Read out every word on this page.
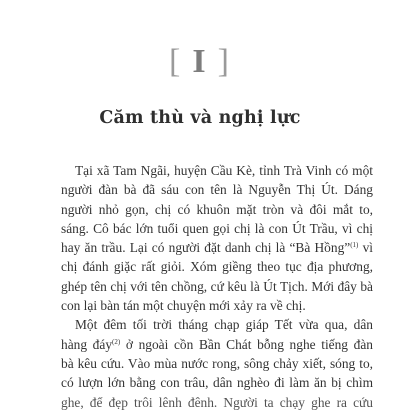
[ I ]
Căm thù và nghị lực
Tại xã Tam Ngãi, huyện Cầu Kè, tỉnh Trà Vinh có một
người đàn bà đã sáu con tên là Nguyễn Thị Út. Dáng
người nhỏ gọn, chị có khuôn mặt tròn và đôi mắt to,
sáng. Cô bác lớn tuổi quen gọi chị là con Út Trầu, vì chị
hay ăn trầu. Lại có người đặt danh chị là “Bà Hồng”$^{(1)}$ vì
chị đánh giặc rất giỏi. Xóm giềng theo tục địa phương,
ghép tên chị với tên chồng, cứ kêu là Út Tịch. Mới đây bà
con lại bàn tán một chuyện mới xảy ra về chị.
Một đêm tối trời tháng chạp giáp Tết vừa qua, dân
hàng đáy$^{(2)}$ ở ngoài cồn Bần Chát bỗng nghe tiếng đàn
bà kêu cứu. Vào mùa nước rong, sông chảy xiết, sóng to,
có lượn lớn bằng con trâu, dân nghèo đi làm ăn bị chìm
ghe, để đẹp trôi lênh đênh. Người ta chạy ghe ra cứu
